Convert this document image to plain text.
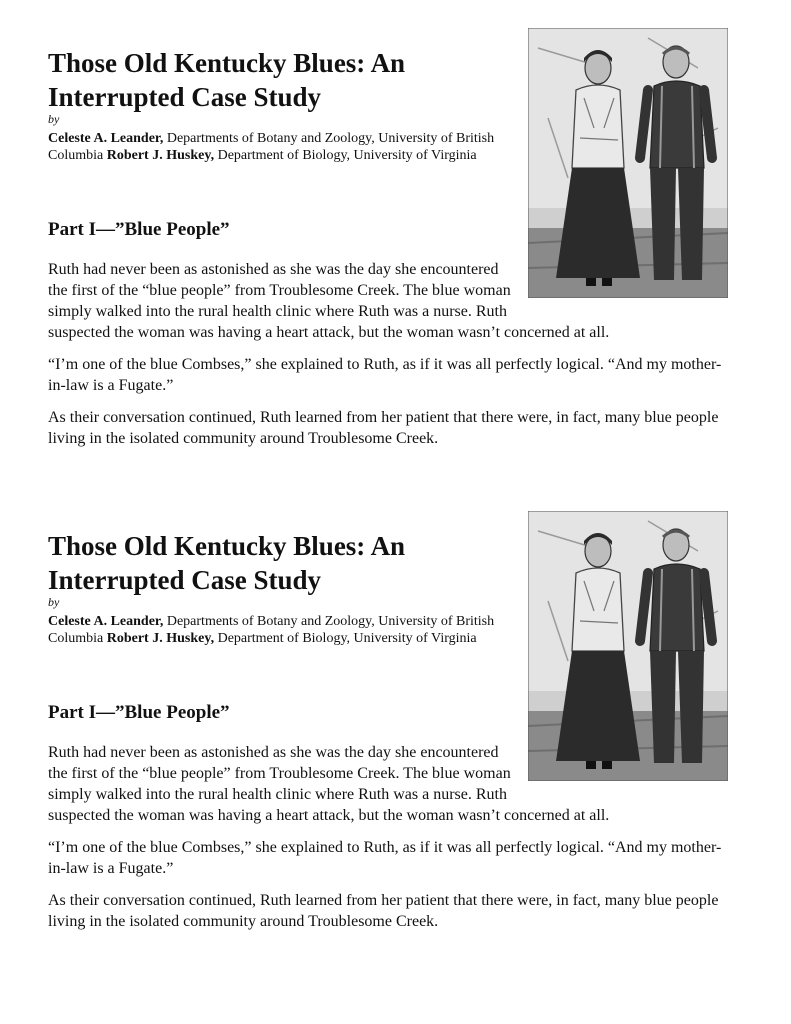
Those Old Kentucky Blues: An Interrupted Case Study
by
Celeste A. Leander, Departments of Botany and Zoology, University of British Columbia Robert J. Huskey, Department of Biology, University of Virginia
Part I—”Blue People”

Ruth had never been as astonished as she was the day she encountered the first of the “blue people” from Troublesome Creek. The blue woman simply walked into the rural health clinic where Ruth was a nurse. Ruth suspected the woman was having a heart attack, but the woman wasn’t concerned at all.

“I’m one of the blue Combses,” she explained to Ruth, as if it was all perfectly logical. “And my mother-in-law is a Fugate.”

As their conversation continued, Ruth learned from her patient that there were, in fact, many blue people living in the isolated community around Troublesome Creek.

Those Old Kentucky Blues: An Interrupted Case Study
by
Celeste A. Leander, Departments of Botany and Zoology, University of British Columbia Robert J. Huskey, Department of Biology, University of Virginia
Part I—”Blue People”

Ruth had never been as astonished as she was the day she encountered the first of the “blue people” from Troublesome Creek. The blue woman simply walked into the rural health clinic where Ruth was a nurse. Ruth suspected the woman was having a heart attack, but the woman wasn’t concerned at all.

“I’m one of the blue Combses,” she explained to Ruth, as if it was all perfectly logical. “And my mother-in-law is a Fugate.”

As their conversation continued, Ruth learned from her patient that there were, in fact, many blue people living in the isolated community around Troublesome Creek.
